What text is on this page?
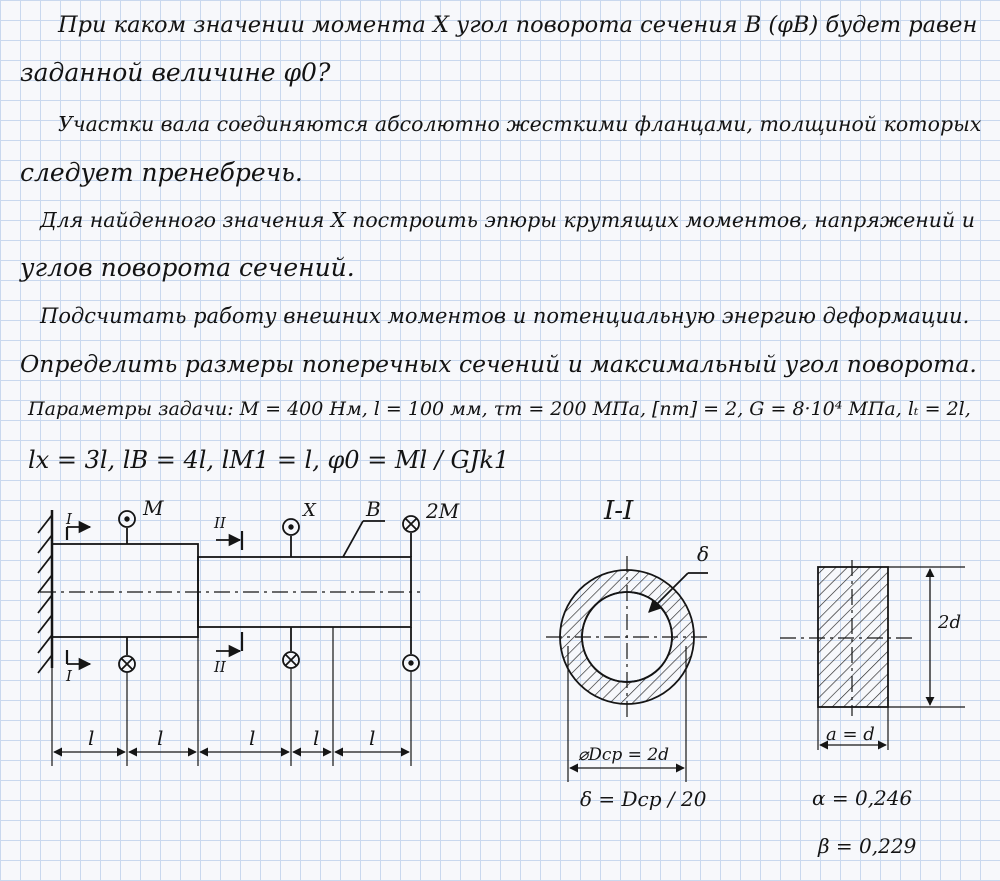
При каком значении момента X угол поворота сечения B (φB) будет равен
заданной величине φ0?
Участки вала соединяются абсолютно жесткими фланцами, толщиной которых
следует пренебречь.
Для найденного значения X построить эпюры крутящих моментов, напряжений и
углов поворота сечений.
Подсчитать работу внешних моментов и потенциальную энергию деформации.
Определить размеры поперечных сечений и максимальный угол поворота.
Параметры задачи: M = 400 Нм, l = 100 мм, τт = 200 МПа, [nт] = 2, G = 8·10⁴ МПа, lₜ = 2l,
lx = 3l, lB = 4l, lM1 = l, φ0 = Ml / GJk1
M	X	2M
B
I
I
II
II
l	l	l	l l
I-I
δ
⌀Dср = 2d
δ = Dср / 20
2d
a = d
α = 0,246
β = 0,229
